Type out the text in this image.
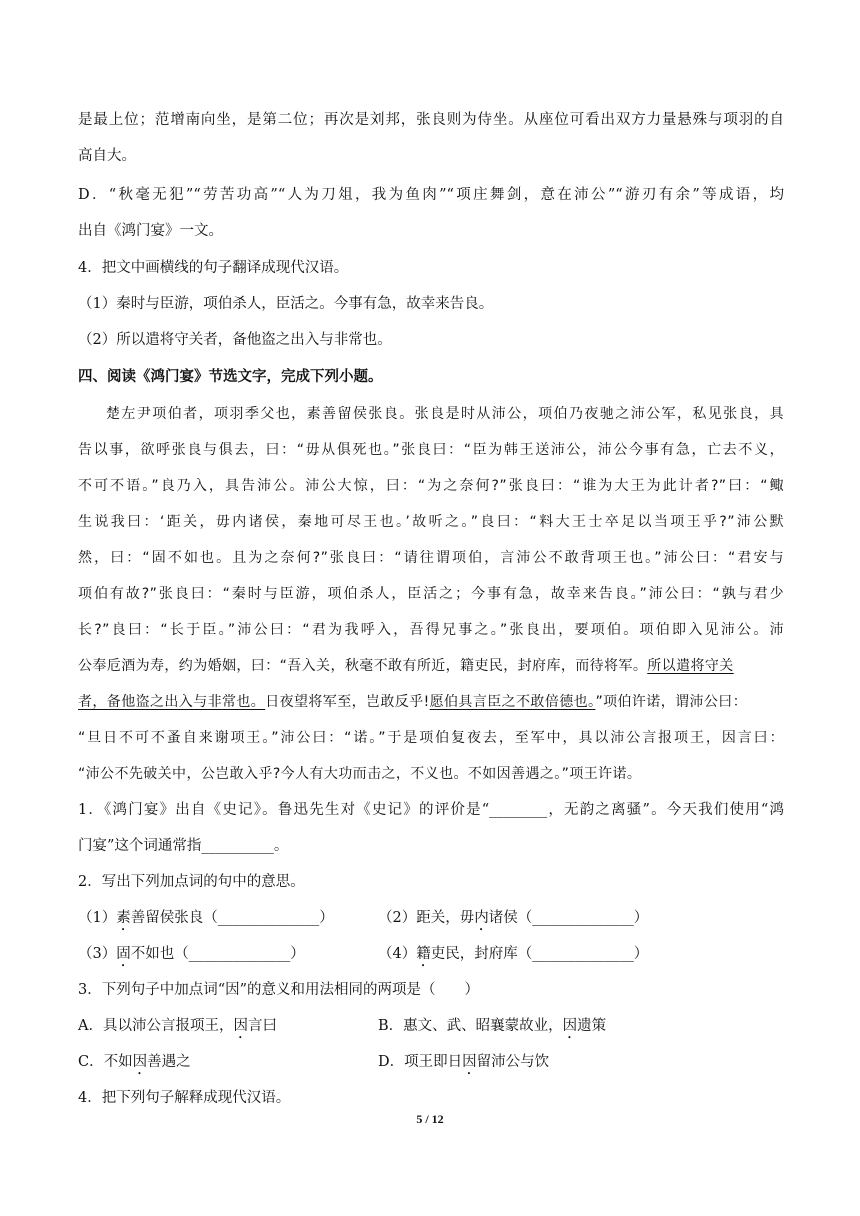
是最上位；范增南向坐，是第二位；再次是刘邦，张良则为侍坐。从座位可看出双方力量悬殊与项羽的自
高自大。
D．“秋毫无犯”“劳苦功高”“人为刀俎，我为鱼肉”“项庄舞剑，意在沛公”“游刃有余”等成语，均
出自《鸿门宴》一文。
4．把文中画横线的句子翻译成现代汉语。
（1）秦时与臣游，项伯杀人，臣活之。今事有急，故幸来告良。
（2）所以遣将守关者，备他盗之出入与非常也。
四、阅读《鸿门宴》节选文字，完成下列小题。
楚左尹项伯者，项羽季父也，素善留侯张良。张良是时从沛公，项伯乃夜驰之沛公军，私见张良，具
告以事，欲呼张良与俱去，曰：“毋从俱死也。”张良曰：“臣为韩王送沛公，沛公今事有急，亡去不义，
不可不语。”良乃入，具告沛公。沛公大惊，曰：“为之奈何?”张良曰：“谁为大王为此计者?”曰：“鲰
生说我曰：‘距关，毋内诸侯，秦地可尽王也。’故听之。”良曰：“料大王士卒足以当项王乎?”沛公默
然，曰：“固不如也。且为之奈何?”张良曰：“请往谓项伯，言沛公不敢背项王也。”沛公曰：“君安与
项伯有故?”张良曰：“秦时与臣游，项伯杀人，臣活之；今事有急，故幸来告良。”沛公曰：“孰与君少
长?”良曰：“长于臣。”沛公曰：“君为我呼入，吾得兄事之。”张良出，要项伯。项伯即入见沛公。沛
公奉卮酒为寿，约为婚姻，曰：“吾入关，秋毫不敢有所近，籍吏民，封府库，而待将军。所以遣将守关
者，备他盗之出入与非常也。日夜望将军至，岂敢反乎!愿伯具言臣之不敢倍德也。”项伯许诺，谓沛公曰：
“旦日不可不蚤自来谢项王。”沛公曰：“诺。”于是项伯复夜去，至军中，具以沛公言报项王，因言曰：
“沛公不先破关中，公岂敢入乎?今人有大功而击之，不义也。不如因善遇之。”项王许诺。
1．《鸿门宴》出自《史记》。鲁迅先生对《史记》的评价是“________，无韵之离骚”。今天我们使用“鸿
门宴”这个词通常指__________。
2．写出下列加点词的句中的意思。
（1）素善留侯张良（______________）	（2）距关，毋内诸侯（______________）
（3）固不如也（______________）	（4）籍吏民，封府库（______________）
3．下列句子中加点词“因”的意义和用法相同的两项是（　　）
A．具以沛公言报项王，因言曰	B．惠文、武、昭襄蒙故业，因遗策
C．不如因善遇之	D．项王即日因留沛公与饮
5 / 12
4．把下列句子解释成现代汉语。
